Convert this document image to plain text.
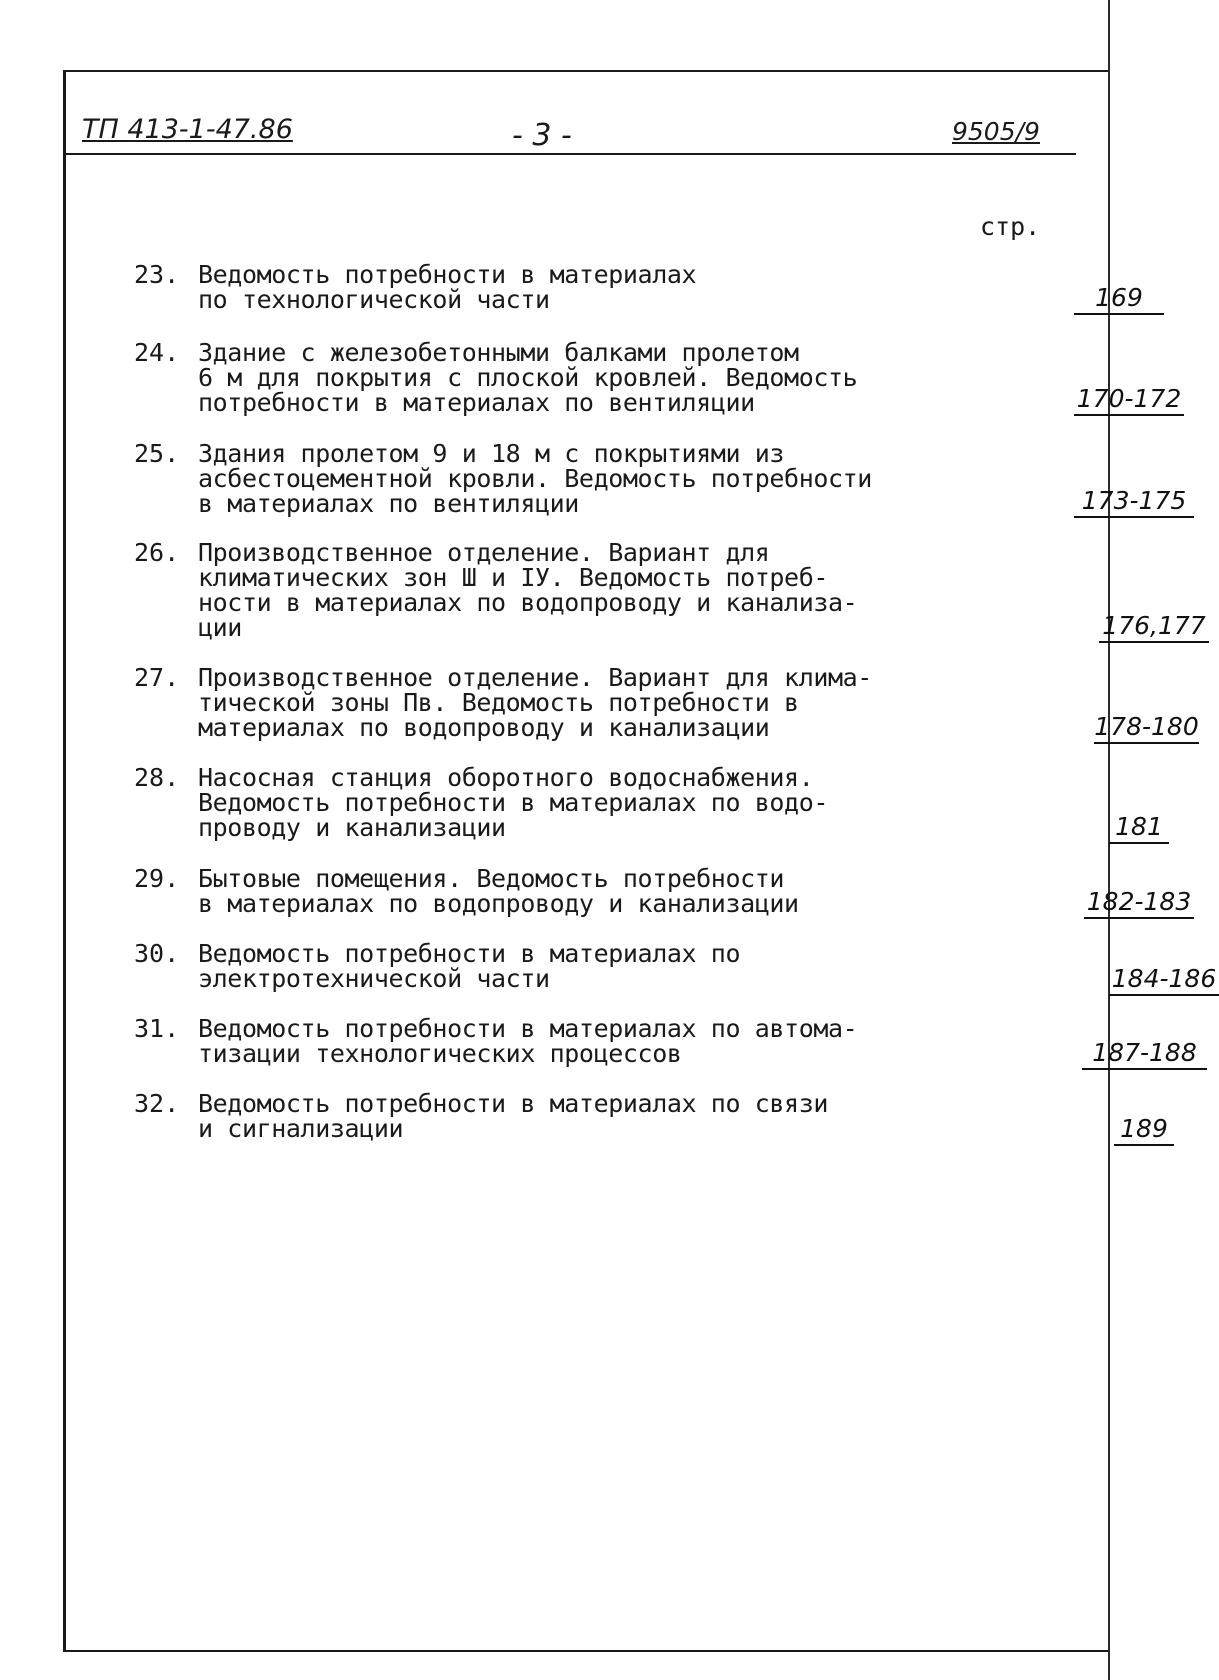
ТП 413-1-47.86	- 3 -	9505/9
стр.
23. Ведомость потребности в материалах
по технологической части	169
24. Здание с железобетонными балками пролетом
6 м для покрытия с плоской кровлей. Ведомость
потребности в материалах по вентиляции	170-172
25. Здания пролетом 9 и 18 м с покрытиями из
асбестоцементной кровли. Ведомость потребности
в материалах по вентиляции	173-175
26. Производственное отделение. Вариант для
климатических зон Ш и IУ. Ведомость потреб-
ности в материалах по водопроводу и канализа-
ции	176,177
27. Производственное отделение. Вариант для клима-
тической зоны Пв. Ведомость потребности в
материалах по водопроводу и канализации	178-180
28. Насосная станция оборотного водоснабжения.
Ведомость потребности в материалах по водо-
проводу и канализации	181
29. Бытовые помещения. Ведомость потребности
в материалах по водопроводу и канализации	182-183
30. Ведомость потребности в материалах по
электротехнической части	184-186
31. Ведомость потребности в материалах по автома-
тизации технологических процессов	187-188
32. Ведомость потребности в материалах по связи
и сигнализации	189
